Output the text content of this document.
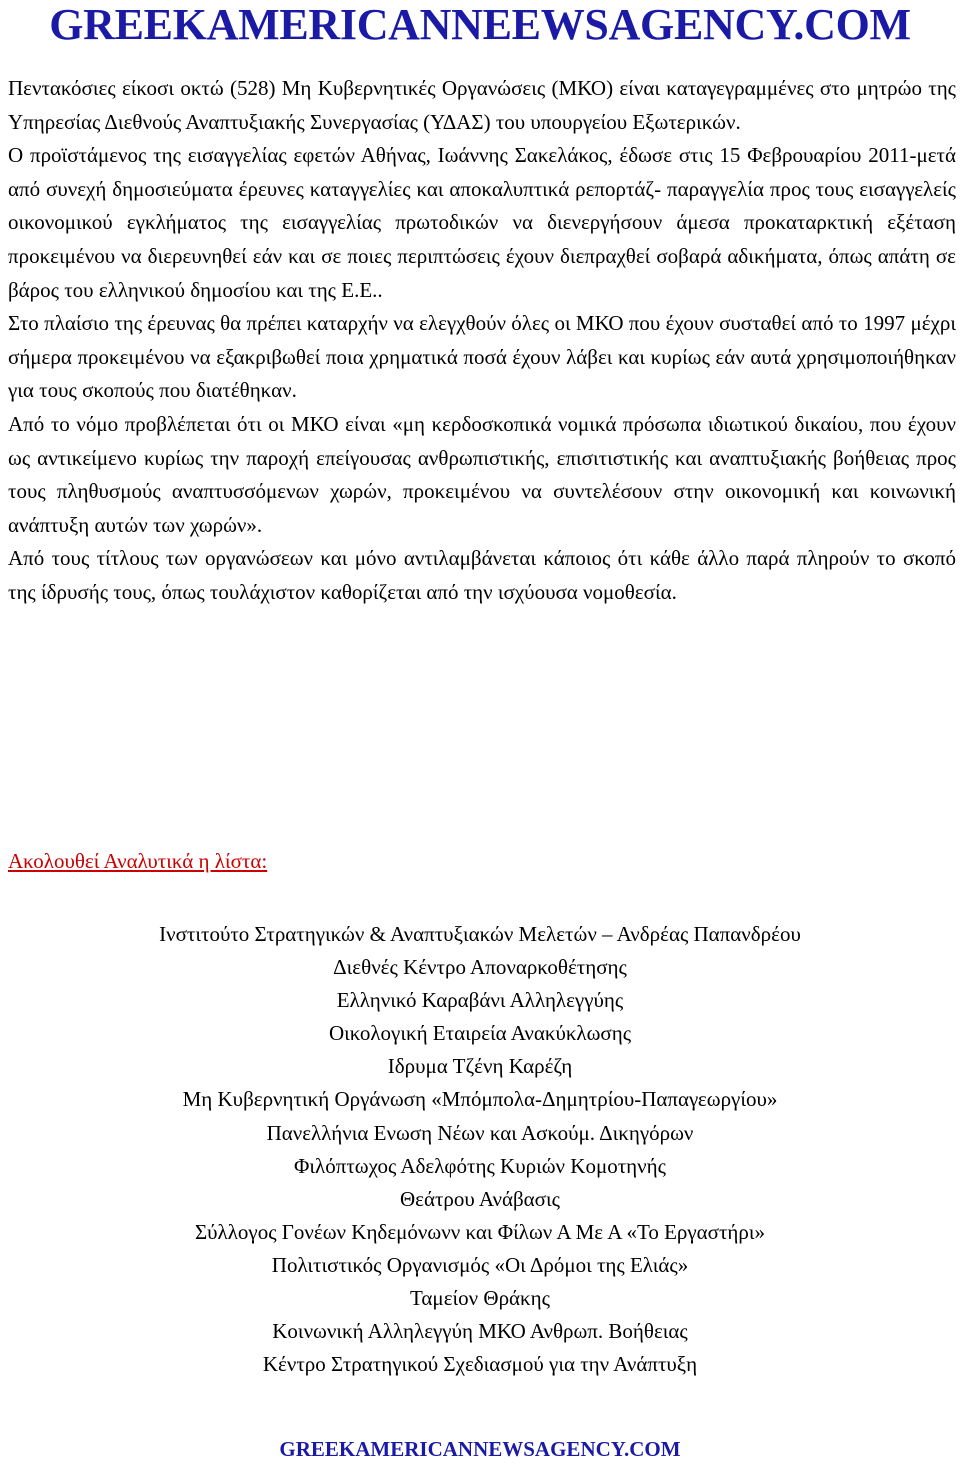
GREEKAMERICANNEEWSAGENCY.COM

Πεντακόσιες είκοσι οκτώ (528) Μη Κυβερνητικές Οργανώσεις (ΜΚΟ) είναι καταγεγραμμένες στο μητρώο της Υπηρεσίας Διεθνούς Αναπτυξιακής Συνεργασίας (ΥΔΑΣ) του υπουργείου Εξωτερικών.

Ο προϊστάμενος της εισαγγελίας εφετών Αθήνας, Ιωάννης Σακελάκος, έδωσε στις 15 Φεβρουαρίου 2011-μετά από συνεχή δημοσιεύματα έρευνες καταγγελίες και αποκαλυπτικά ρεπορτάζ- παραγγελία προς τους εισαγγελείς οικονομικού εγκλήματος της εισαγγελίας πρωτοδικών να διενεργήσουν άμεσα προκαταρκτική εξέταση προκειμένου να διερευνηθεί εάν και σε ποιες περιπτώσεις έχουν διεπραχθεί σοβαρά αδικήματα, όπως απάτη σε βάρος του ελληνικού δημοσίου και της Ε.Ε..

Στο πλαίσιο της έρευνας θα πρέπει καταρχήν να ελεγχθούν όλες οι ΜΚΟ που έχουν συσταθεί από το 1997 μέχρι σήμερα προκειμένου να εξακριβωθεί ποια χρηματικά ποσά έχουν λάβει και κυρίως εάν αυτά χρησιμοποιήθηκαν για τους σκοπούς που διατέθηκαν.

Από το νόμο προβλέπεται ότι οι ΜΚΟ είναι «μη κερδοσκοπικά νομικά πρόσωπα ιδιωτικού δικαίου, που έχουν ως αντικείμενο κυρίως την παροχή επείγουσας ανθρωπιστικής, επισιτιστικής και αναπτυξιακής βοήθειας προς τους πληθυσμούς αναπτυσσόμενων χωρών, προκειμένου να συντελέσουν στην οικονομική και κοινωνική ανάπτυξη αυτών των χωρών».

Από τους τίτλους των οργανώσεων και μόνο αντιλαμβάνεται κάποιος ότι κάθε άλλο παρά πληρούν το σκοπό της ίδρυσής τους, όπως τουλάχιστον καθορίζεται από την ισχύουσα νομοθεσία.

Ακολουθεί Αναλυτικά η λίστα:

Ινστιτούτο Στρατηγικών & Αναπτυξιακών Μελετών – Ανδρέας Παπανδρέου
Διεθνές Κέντρο Απoναρκοθέτησης
Ελληνικό Καραβάνι Αλληλεγγύης
Οικολογική Εταιρεία Ανακύκλωσης
Ιδρυμα Τζένη Καρέζη
Μη Κυβερνητική Οργάνωση «Μπόμπολα-Δημητρίου-Παπαγεωργίου»
Πανελλήνια Ενωση Νέων και Ασκούμ. Δικηγόρων
Φιλόπτωχος Αδελφότης Κυριών Κομοτηνής
Θεάτρου Ανάβασις
Σύλλογος Γονέων Κηδεμόνωνν και Φίλων Α Με Α «Το Εργαστήρι»
Πολιτιστικός Οργανισμός «Οι Δρόμοι της Ελιάς»
Ταμείον Θράκης
Κοινωνική Αλληλεγγύη ΜΚΟ Ανθρωπ. Βοήθειας
Κέντρο Στρατηγικού Σχεδιασμού για την Ανάπτυξη
GREEKAMERICANNEWSAGENCY.COM
